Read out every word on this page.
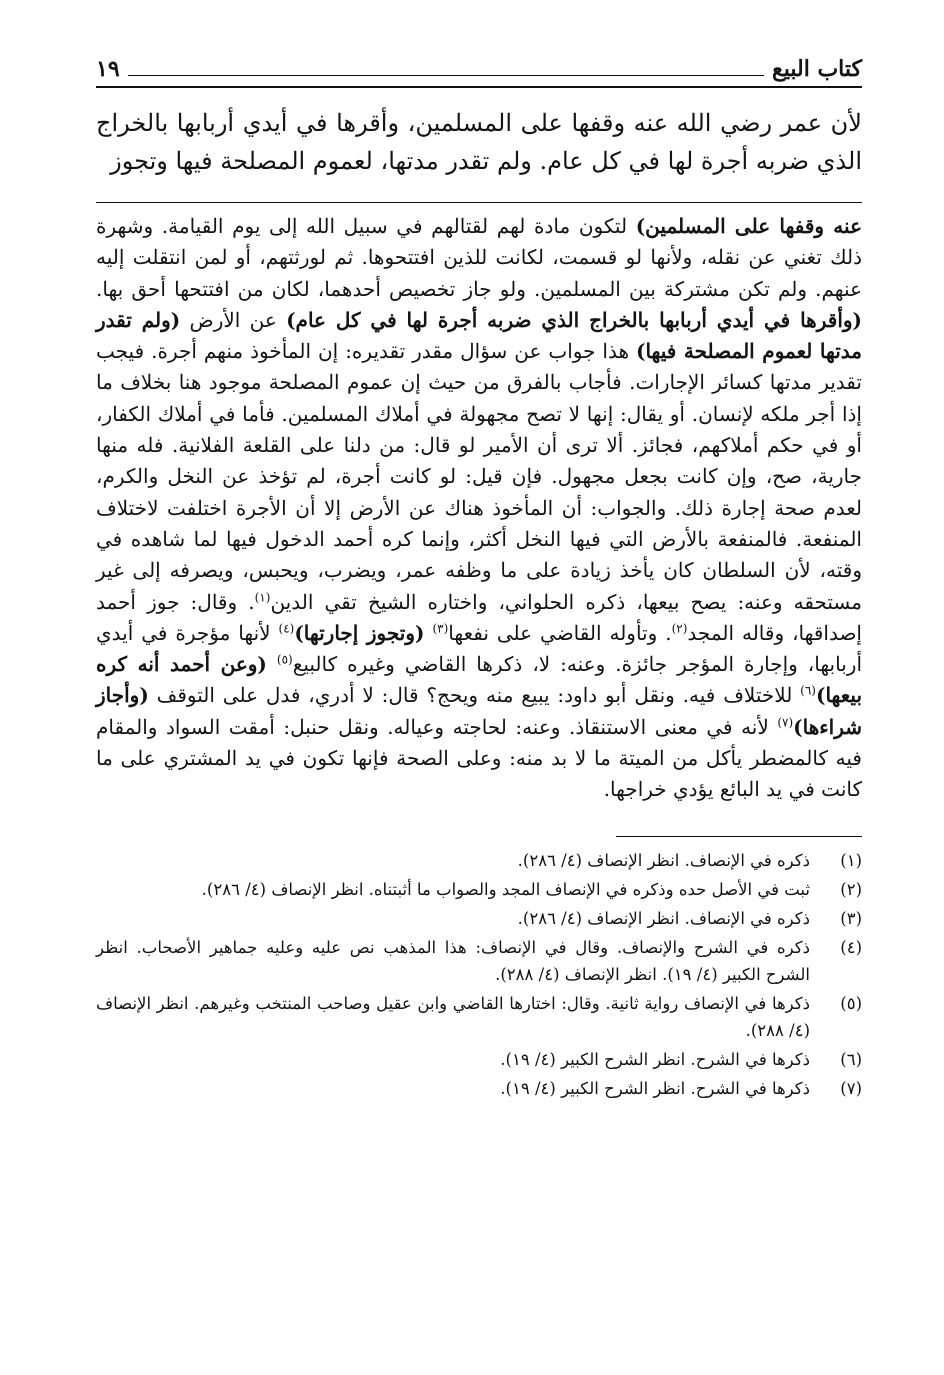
كتاب البيع
١٩
لأن عمر رضي الله عنه وقفها على المسلمين، وأقرها في أيدي أربابها بالخراج الذي ضربه أجرة لها في كل عام. ولم تقدر مدتها، لعموم المصلحة فيها وتجوز
عنه وقفها على المسلمين) لتكون مادة لهم لقتالهم في سبيل الله إلى يوم القيامة. وشهرة ذلك تغني عن نقله، ولأنها لو قسمت، لكانت للذين افتتحوها. ثم لورثتهم، أو لمن انتقلت إليه عنهم. ولم تكن مشتركة بين المسلمين. ولو جاز تخصيص أحدهما، لكان من افتتحها أحق بها. (وأقرها في أيدي أربابها بالخراج الذي ضربه أجرة لها في كل عام) عن الأرض (ولم تقدر مدتها لعموم المصلحة فيها) هذا جواب عن سؤال مقدر تقديره: إن المأخوذ منهم أجرة. فيجب تقدير مدتها كسائر الإجارات. فأجاب بالفرق من حيث إن عموم المصلحة موجود هنا بخلاف ما إذا أجر ملكه لإنسان. أو يقال: إنها لا تصح مجهولة في أملاك المسلمين. فأما في أملاك الكفار، أو في حكم أملاكهم، فجائز. ألا ترى أن الأمير لو قال: من دلنا على القلعة الفلانية. فله منها جارية، صح، وإن كانت بجعل مجهول. فإن قيل: لو كانت أجرة، لم تؤخذ عن النخل والكرم، لعدم صحة إجارة ذلك. والجواب: أن المأخوذ هناك عن الأرض إلا أن الأجرة اختلفت لاختلاف المنفعة. فالمنفعة بالأرض التي فيها النخل أكثر، وإنما كره أحمد الدخول فيها لما شاهده في وقته، لأن السلطان كان يأخذ زيادة على ما وظفه عمر، ويضرب، ويحبس، ويصرفه إلى غير مستحقه وعنه: يصح بيعها، ذكره الحلواني، واختاره الشيخ تقي الدين$^{(١)}$. وقال: جوز أحمد إصداقها، وقاله المجد$^{(٢)}$. وتأوله القاضي على نفعها$^{(٣)}$ (وتجوز إجارتها)$^{(٤)}$ لأنها مؤجرة في أيدي أربابها، وإجارة المؤجر جائزة. وعنه: لا، ذكرها القاضي وغيره كالبيع$^{(٥)}$ (وعن أحمد أنه كره بيعها)$^{(٦)}$ للاختلاف فيه. ونقل أبو داود: يبيع منه ويحج؟ قال: لا أدري، فدل على التوقف (وأجاز شراءها)$^{(٧)}$ لأنه في معنى الاستنقاذ. وعنه: لحاجته وعياله. ونقل حنبل: أمقت السواد والمقام فيه كالمضطر يأكل من الميتة ما لا بد منه: وعلى الصحة فإنها تكون في يد المشتري على ما كانت في يد البائع يؤدي خراجها.
(١)
ذكره في الإنصاف. انظر الإنصاف (٤/ ٢٨٦).
(٢)
ثبت في الأصل حده وذكره في الإنصاف المجد والصواب ما أثبتناه. انظر الإنصاف (٤/ ٢٨٦).
(٣)
ذكره في الإنصاف. انظر الإنصاف (٤/ ٢٨٦).
(٤)
ذكره في الشرح والإنصاف. وقال في الإنصاف: هذا المذهب نص عليه وعليه جماهير الأصحاب. انظر الشرح الكبير (٤/ ١٩). انظر الإنصاف (٤/ ٢٨٨).
(٥)
ذكرها في الإنصاف رواية ثانية. وقال: اختارها القاضي وابن عقيل وصاحب المنتخب وغيرهم. انظر الإنصاف (٤/ ٢٨٨).
(٦)
ذكرها في الشرح. انظر الشرح الكبير (٤/ ١٩).
(٧)
ذكرها في الشرح. انظر الشرح الكبير (٤/ ١٩).
